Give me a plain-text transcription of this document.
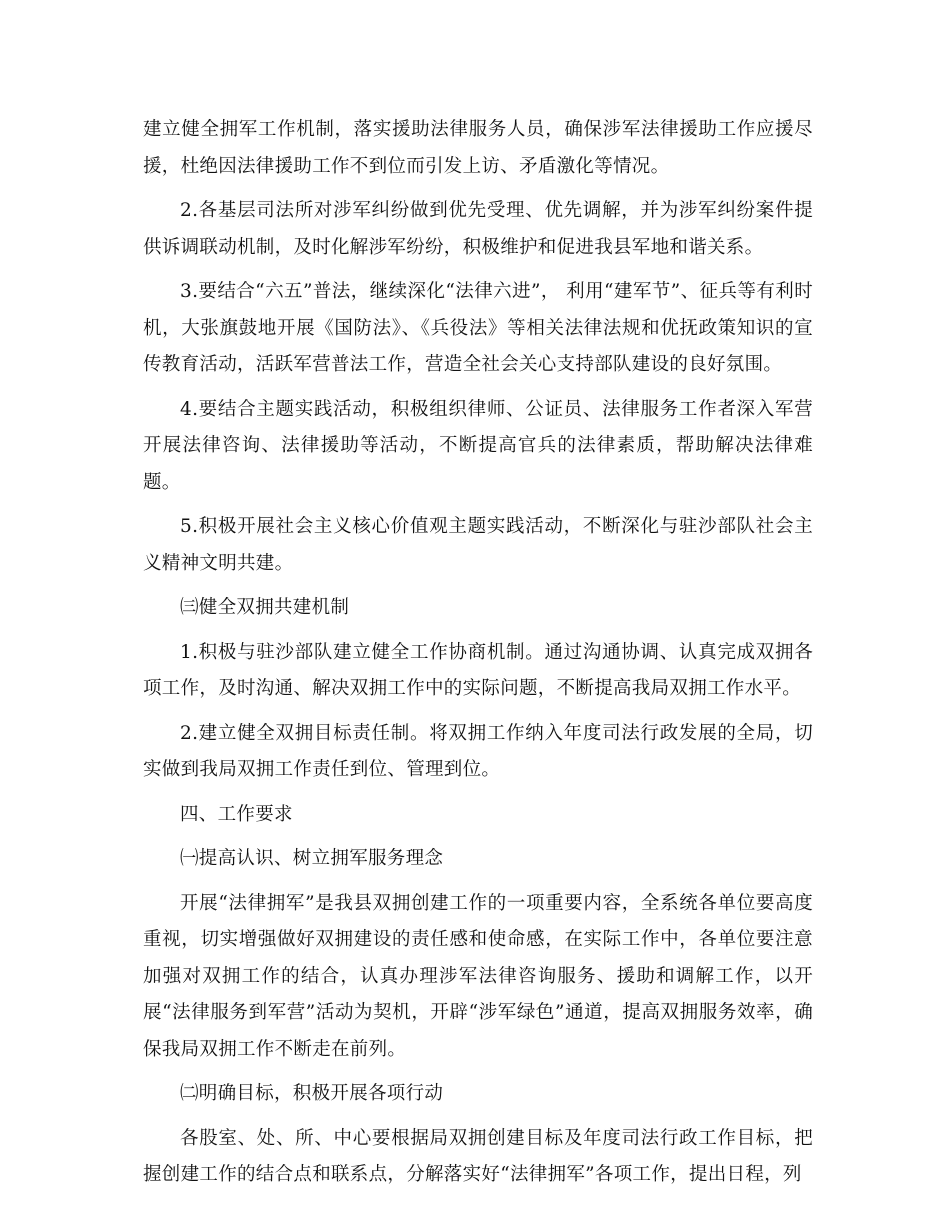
建立健全拥军工作机制，落实援助法律服务人员，确保涉军法律援助工作应援尽援，杜绝因法律援助工作不到位而引发上访、矛盾激化等情况。

2.各基层司法所对涉军纠纷做到优先受理、优先调解，并为涉军纠纷案件提供诉调联动机制，及时化解涉军纷纷，积极维护和促进我县军地和谐关系。

3.要结合“六五”普法，继续深化“法律六进”， 利用“建军节”、征兵等有利时机，大张旗鼓地开展《国防法》、《兵役法》等相关法律法规和优抚政策知识的宣传教育活动，活跃军营普法工作，营造全社会关心支持部队建设的良好氛围。

4.要结合主题实践活动，积极组织律师、公证员、法律服务工作者深入军营开展法律咨询、法律援助等活动，不断提高官兵的法律素质，帮助解决法律难题。

5.积极开展社会主义核心价值观主题实践活动，不断深化与驻沙部队社会主义精神文明共建。

㈢健全双拥共建机制

1.积极与驻沙部队建立健全工作协商机制。通过沟通协调、认真完成双拥各项工作，及时沟通、解决双拥工作中的实际问题，不断提高我局双拥工作水平。

2.建立健全双拥目标责任制。将双拥工作纳入年度司法行政发展的全局，切实做到我局双拥工作责任到位、管理到位。

四、工作要求

㈠提高认识、树立拥军服务理念

开展“法律拥军”是我县双拥创建工作的一项重要内容，全系统各单位要高度重视，切实增强做好双拥建设的责任感和使命感，在实际工作中，各单位要注意加强对双拥工作的结合，认真办理涉军法律咨询服务、援助和调解工作，以开展“法律服务到军营”活动为契机，开辟“涉军绿色”通道，提高双拥服务效率，确保我局双拥工作不断走在前列。

㈡明确目标，积极开展各项行动

各股室、处、所、中心要根据局双拥创建目标及年度司法行政工作目标，把握创建工作的结合点和联系点，分解落实好“法律拥军”各项工作，提出日程，列
